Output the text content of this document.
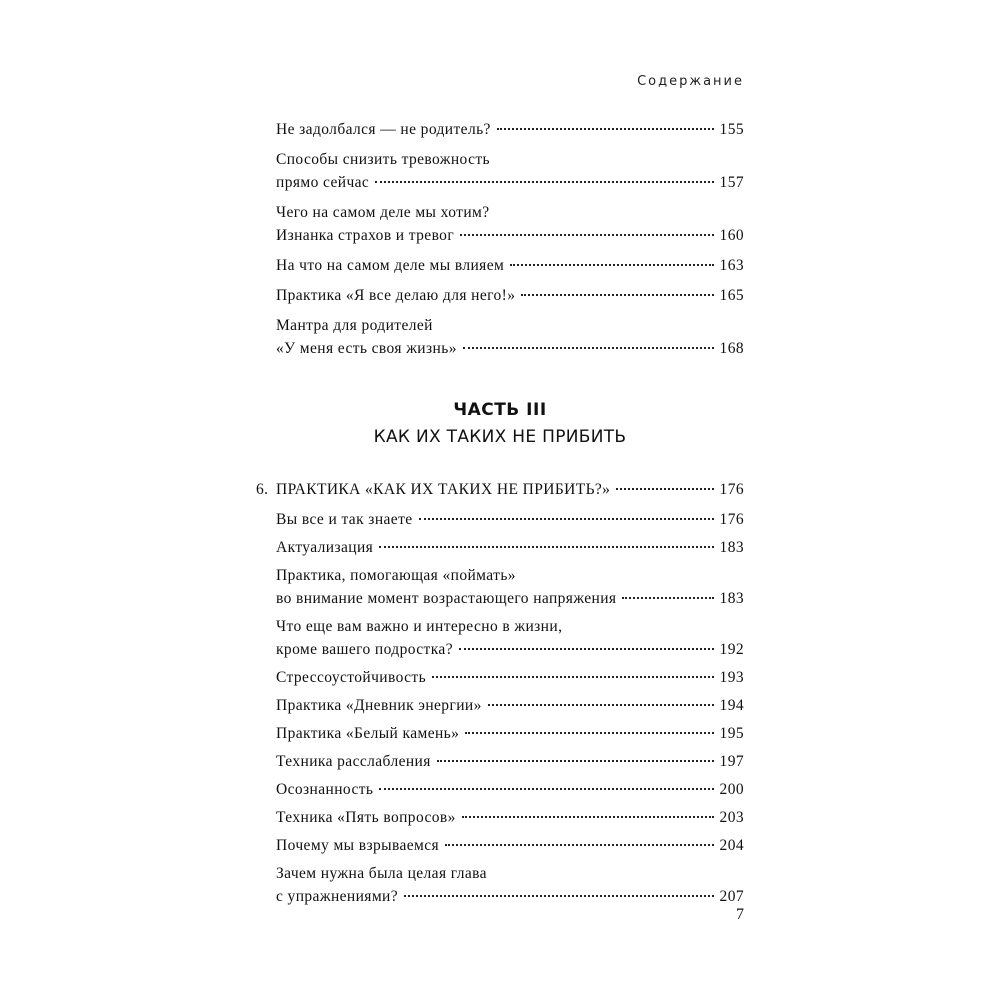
Содержание
Не задолбался — не родитель?	155
Способы снизить тревожность
прямо сейчас	157
Чего на самом деле мы хотим?
Изнанка страхов и тревог	160
На что на самом деле мы влияем	163
Практика «Я все делаю для него!»	165
Мантра для родителей
«У меня есть своя жизнь»	168
ЧАСТЬ III
КАК ИХ ТАКИХ НЕ ПРИБИТЬ
6. ПРАКТИКА «КАК ИХ ТАКИХ НЕ ПРИБИТЬ?»	176
Вы все и так знаете	176
Актуализация	183
Практика, помогающая «поймать»
во внимание момент возрастающего напряжения	183
Что еще вам важно и интересно в жизни,
кроме вашего подростка?	192
Стрессоустойчивость	193
Практика «Дневник энергии»	194
Практика «Белый камень»	195
Техника расслабления	197
Осознанность	200
Техника «Пять вопросов»	203
Почему мы взрываемся	204
Зачем нужна была целая глава
с упражнениями?	207
7
